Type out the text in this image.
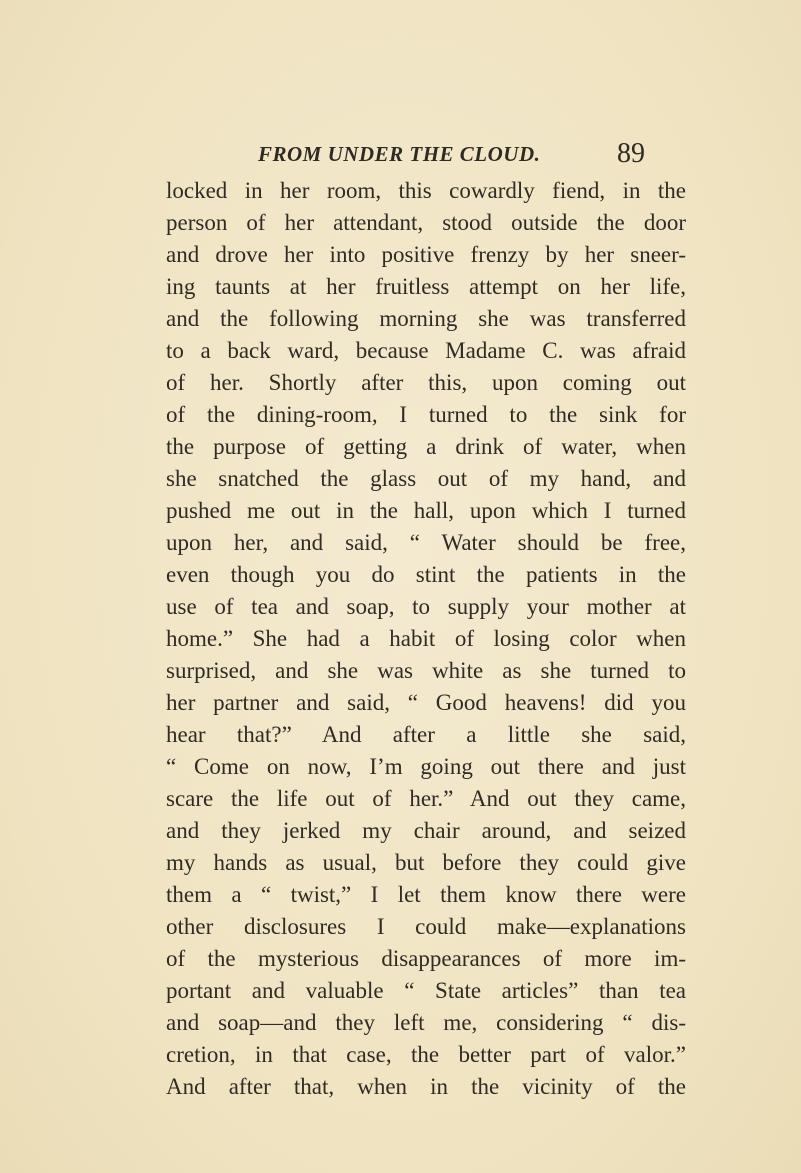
FROM UNDER THE CLOUD.	89
locked in her room, this cowardly fiend, in the
person of her attendant, stood outside the door
and drove her into positive frenzy by her sneer-
ing taunts at her fruitless attempt on her life,
and the following morning she was transferred
to a back ward, because Madame C. was afraid
of her. Shortly after this, upon coming out
of the dining-room, I turned to the sink for
the purpose of getting a drink of water, when
she snatched the glass out of my hand, and
pushed me out in the hall, upon which I turned
upon her, and said, “ Water should be free,
even though you do stint the patients in the
use of tea and soap, to supply your mother at
home.” She had a habit of losing color when
surprised, and she was white as she turned to
her partner and said, “ Good heavens! did you
hear that?” And after a little she said,
“ Come on now, I’m going out there and just
scare the life out of her.” And out they came,
and they jerked my chair around, and seized
my hands as usual, but before they could give
them a “ twist,” I let them know there were
other disclosures I could make—explanations
of the mysterious disappearances of more im-
portant and valuable “ State articles” than tea
and soap—and they left me, considering “ dis-
cretion, in that case, the better part of valor.”
And after that, when in the vicinity of the
